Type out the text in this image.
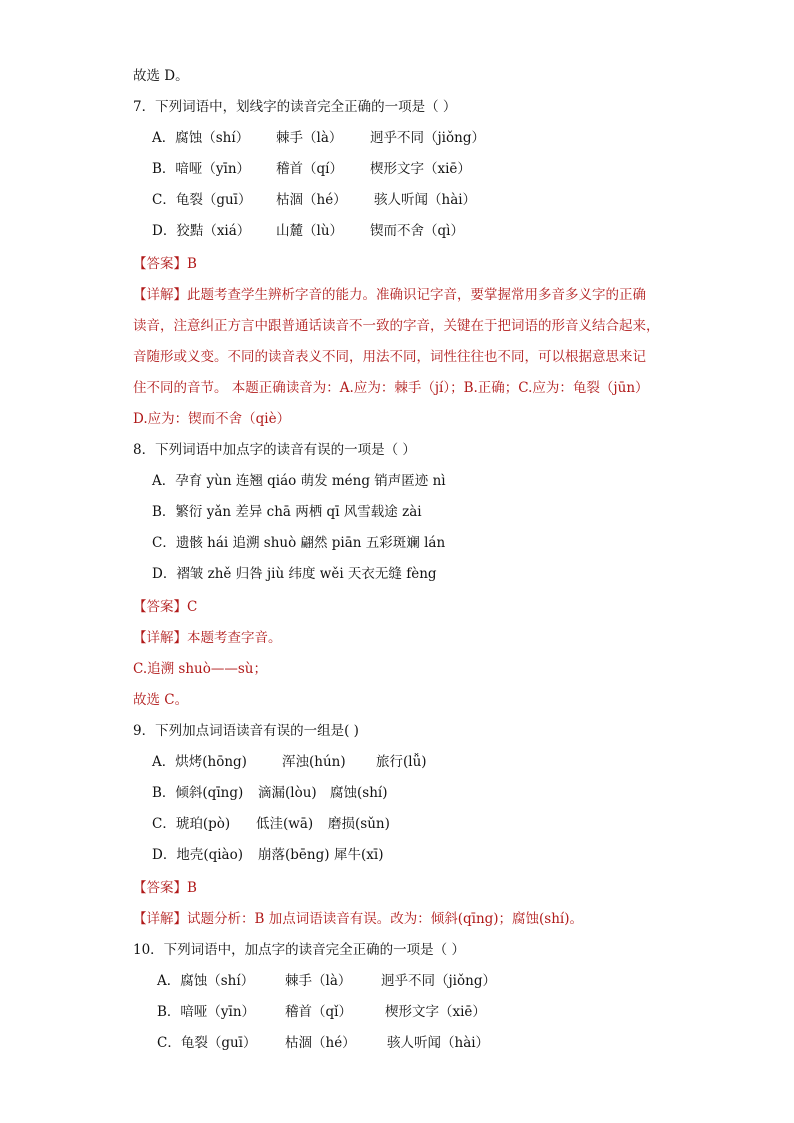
故选 D。
7．下列词语中，划线字的读音完全正确的一项是（ ）
A．腐蚀（shí） 棘手（là） 迥乎不同（jiǒng）
B．喑哑（yīn） 稽首（qí） 楔形文字（xiē）
C．龟裂（guī） 枯涸（hé） 骇人听闻（hài）
D．狡黠（xiá） 山麓（lù） 锲而不舍（qì）
【答案】B
【详解】此题考查学生辨析字音的能力。准确识记字音，要掌握常用多音多义字的正确
读音，注意纠正方言中跟普通话读音不一致的字音，关键在于把词语的形音义结合起来，
音随形或义变。不同的读音表义不同，用法不同，词性往往也不同，可以根据意思来记
住不同的音节。 本题正确读音为：A.应为：棘手（jí）；B.正确；C.应为：龟裂（jūn）
D.应为：锲而不舍（qiè）
8．下列词语中加点字的读音有误的一项是（ ）
A．孕育 yùn 连翘 qiáo 萌发 méng 销声匿迹 nì
B．繁衍 yǎn 差异 chā 两栖 qī 风雪载途 zài
C．遗骸 hái 追溯 shuò 翩然 piān 五彩斑斓 lán
D．褶皱 zhě 归咎 jiù 纬度 wěi 天衣无缝 fèng
【答案】C
【详解】本题考查字音。
C.追溯 shuò——sù；
故选 C。
9．下列加点词语读音有误的一组是( )
A．烘烤(hōng)	浑浊(hún) 旅行(lǚ)
B．倾斜(qīng) 滴漏(lòu) 腐蚀(shí)
C．琥珀(pò) 低洼(wā) 磨损(sǔn)
D．地壳(qiào) 崩落(bēng) 犀牛(xī)
【答案】B
【详解】试题分析：B 加点词语读音有误。改为：倾斜(qīng)；腐蚀(shí)。
10．下列词语中，加点字的读音完全正确的一项是（ ）
A．腐蚀（shí） 棘手（là） 迥乎不同（jiǒng）
B．喑哑（yīn） 稽首（qǐ） 楔形文字（xiē）
C．龟裂（guī） 枯涸（hé） 骇人听闻（hài）
